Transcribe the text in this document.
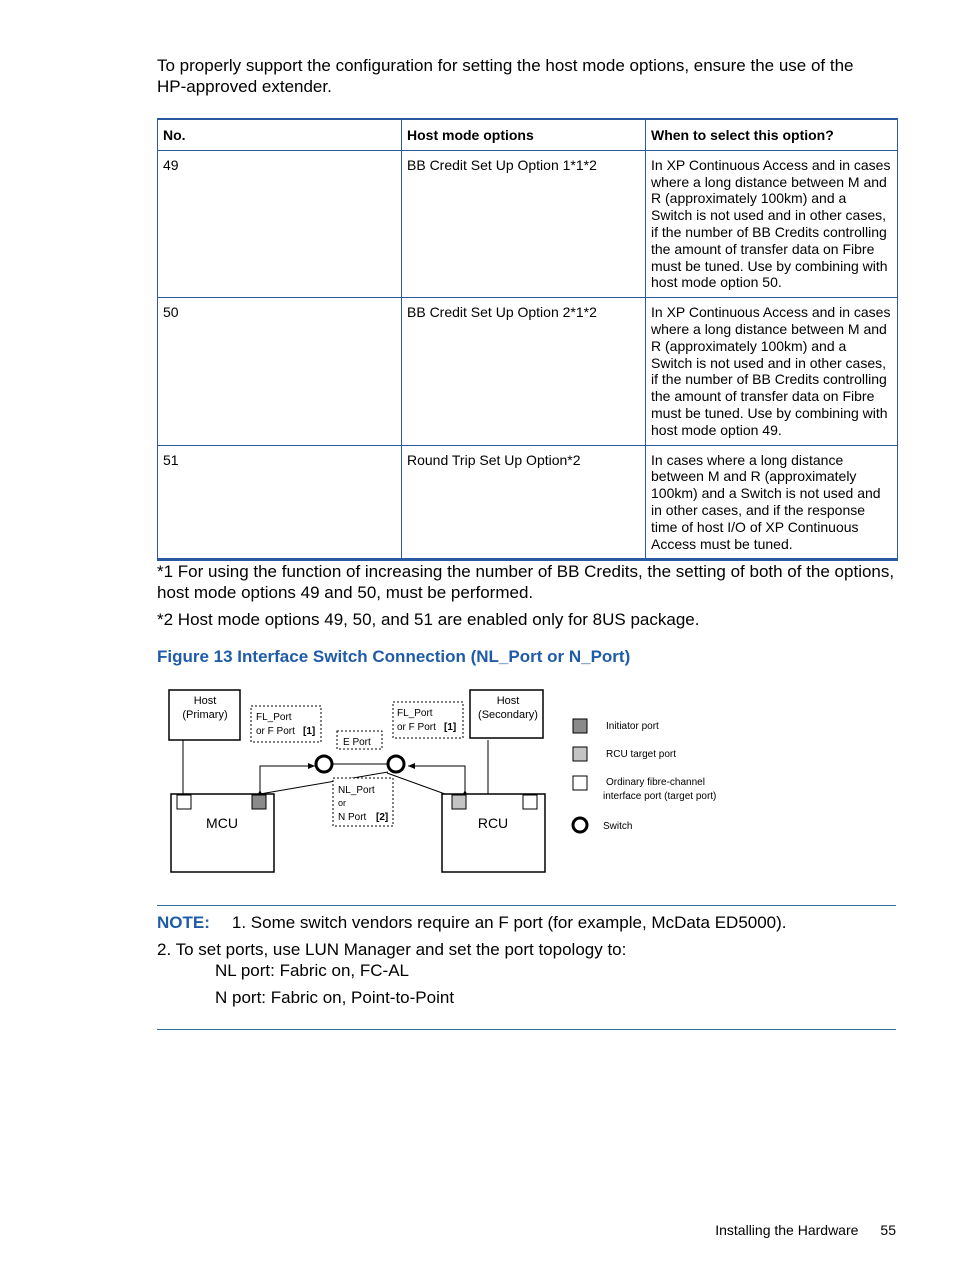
To properly support the configuration for setting the host mode options, ensure the use of the HP-approved extender.

No.	Host mode options	When to select this option?
49	BB Credit Set Up Option 1*1*2	In XP Continuous Access and in cases where a long distance between M and R (approximately 100km) and a Switch is not used and in other cases, if the number of BB Credits controlling the amount of transfer data on Fibre must be tuned. Use by combining with host mode option 50.
50	BB Credit Set Up Option 2*1*2	In XP Continuous Access and in cases where a long distance between M and R (approximately 100km) and a Switch is not used and in other cases, if the number of BB Credits controlling the amount of transfer data on Fibre must be tuned. Use by combining with host mode option 49.
51	Round Trip Set Up Option*2	In cases where a long distance between M and R (approximately 100km) and a Switch is not used and in other cases, and if the response time of host I/O of XP Continuous Access must be tuned.

*1 For using the function of increasing the number of BB Credits, the setting of both of the options, host mode options 49 and 50, must be performed.

*2 Host mode options 49, 50, and 51 are enabled only for 8US package.

Figure 13 Interface Switch Connection (NL_Port or N_Port)

Host
(Primary)
Host
(Secondary)
FL_Port
or F Port [1]
FL_Port
or F Port [1]
E Port
NL_Port
or
N Port [2]
MCU	RCU
Initiator port
RCU target port
Ordinary fibre-channel
interface port (target port)
Switch

NOTE: 1. Some switch vendors require an F port (for example, McData ED5000).

2. To set ports, use LUN Manager and set the port topology to:

NL port: Fabric on, FC-AL

N port: Fabric on, Point-to-Point

Installing the Hardware 55
